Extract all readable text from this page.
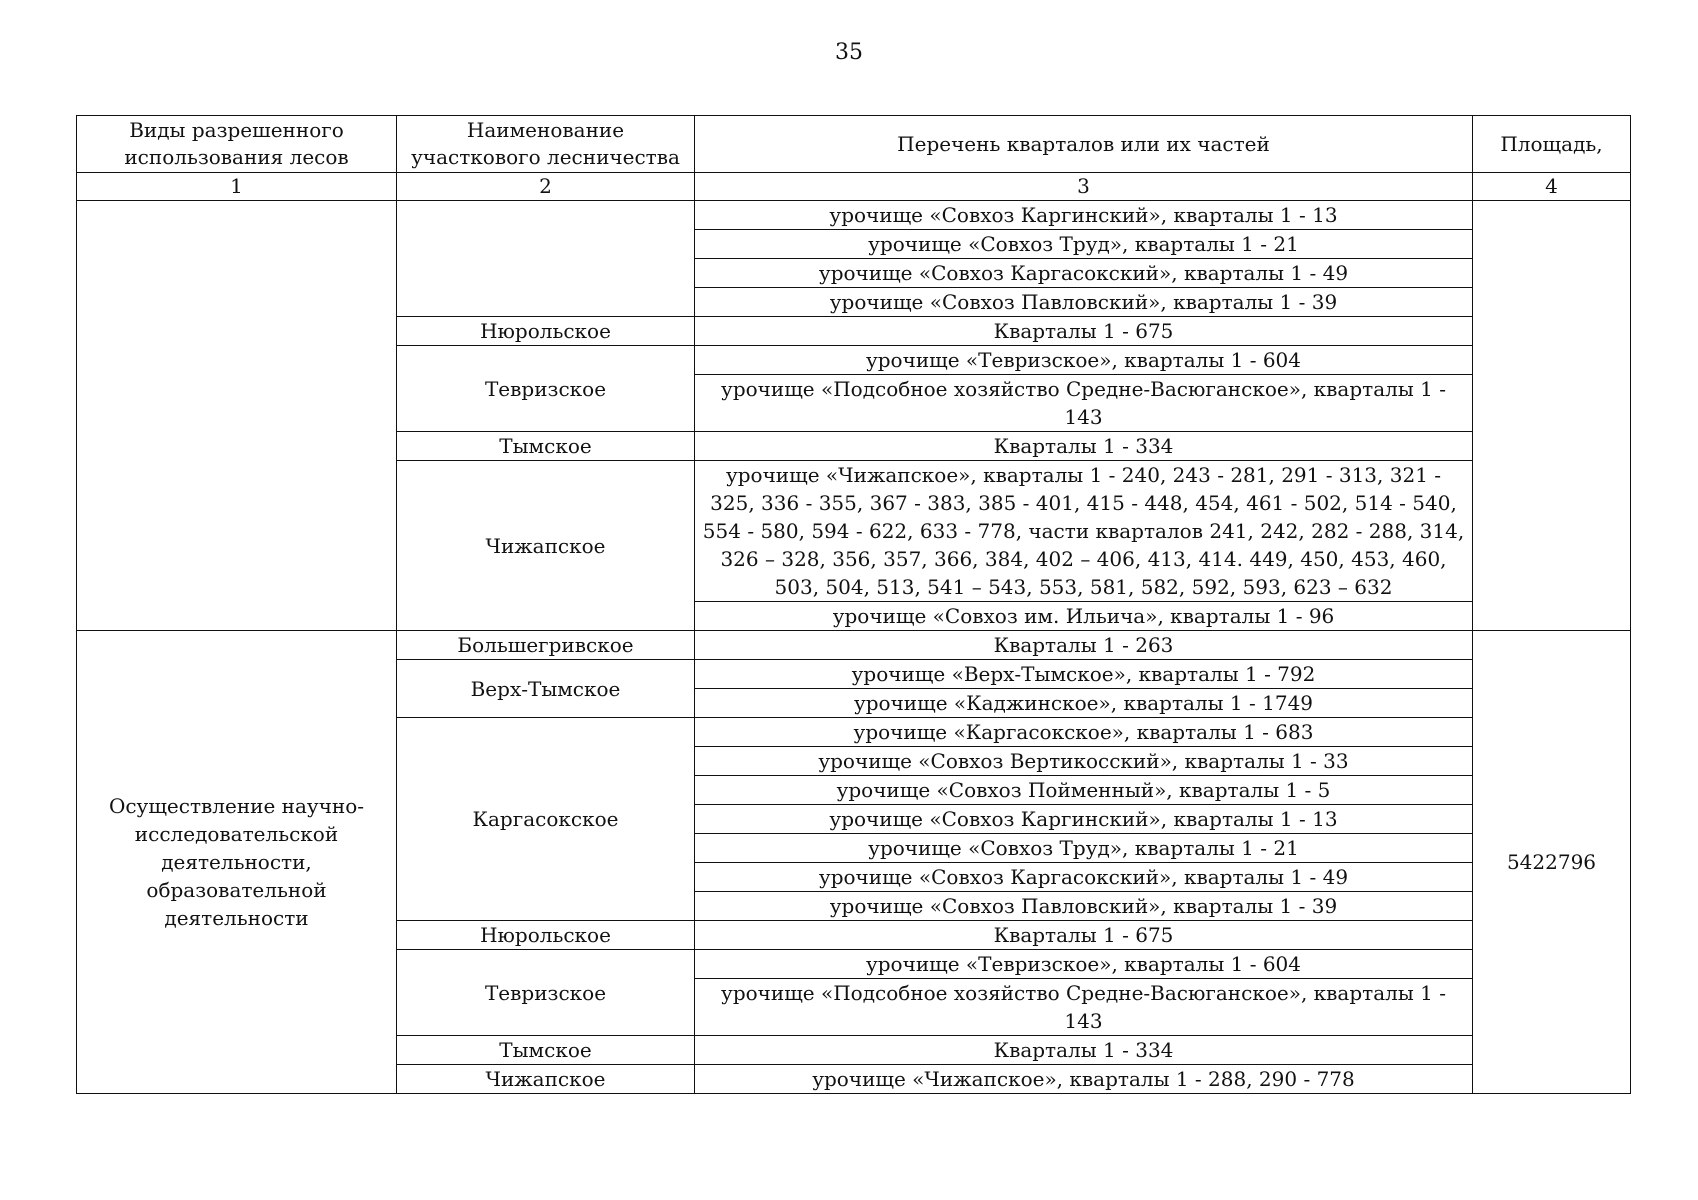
35
Виды разрешенного использования лесов	Наименование участкового лесничества	Перечень кварталов или их частей	Площадь,
1	2	3	4
		урочище «Совхоз Каргинский», кварталы 1 - 13	
		урочище «Совхоз Труд», кварталы 1 - 21	
		урочище «Совхоз Каргасокский», кварталы 1 - 49	
		урочище «Совхоз Павловский», кварталы 1 - 39	
	Нюрольское	Кварталы 1 - 675	
	Тевризское	урочище «Тевризское», кварталы 1 - 604	
		урочище «Подсобное хозяйство Средне-Васюганское», кварталы 1 - 143	
	Тымское	Кварталы 1 - 334	
	Чижапское	урочище «Чижапское», кварталы 1 - 240, 243 - 281, 291 - 313, 321 - 325, 336 - 355, 367 - 383, 385 - 401, 415 - 448, 454, 461 - 502, 514 - 540, 554 - 580, 594 - 622, 633 - 778, части кварталов 241, 242, 282 - 288, 314, 326 – 328, 356, 357, 366, 384, 402 – 406, 413, 414. 449, 450, 453, 460, 503, 504, 513, 541 – 543, 553, 581, 582, 592, 593, 623 – 632	
		урочище «Совхоз им. Ильича», кварталы 1 - 96	
Осуществление научно-исследовательской деятельности, образовательной деятельности	Большегривское	Кварталы 1 - 263	5422796
	Верх-Тымское	урочище «Верх-Тымское», кварталы 1 - 792	
		урочище «Каджинское», кварталы 1 - 1749	
	Каргасокское	урочище «Каргасокское», кварталы 1 - 683	
		урочище «Совхоз Вертикосский», кварталы 1 - 33	
		урочище «Совхоз Пойменный», кварталы 1 - 5	
		урочище «Совхоз Каргинский», кварталы 1 - 13	
		урочище «Совхоз Труд», кварталы 1 - 21	
		урочище «Совхоз Каргасокский», кварталы 1 - 49	
		урочище «Совхоз Павловский», кварталы 1 - 39	
	Нюрольское	Кварталы 1 - 675	
	Тевризское	урочище «Тевризское», кварталы 1 - 604	
		урочище «Подсобное хозяйство Средне-Васюганское», кварталы 1 - 143	
	Тымское	Кварталы 1 - 334	
	Чижапское	урочище «Чижапское», кварталы 1 - 288, 290 - 778	
